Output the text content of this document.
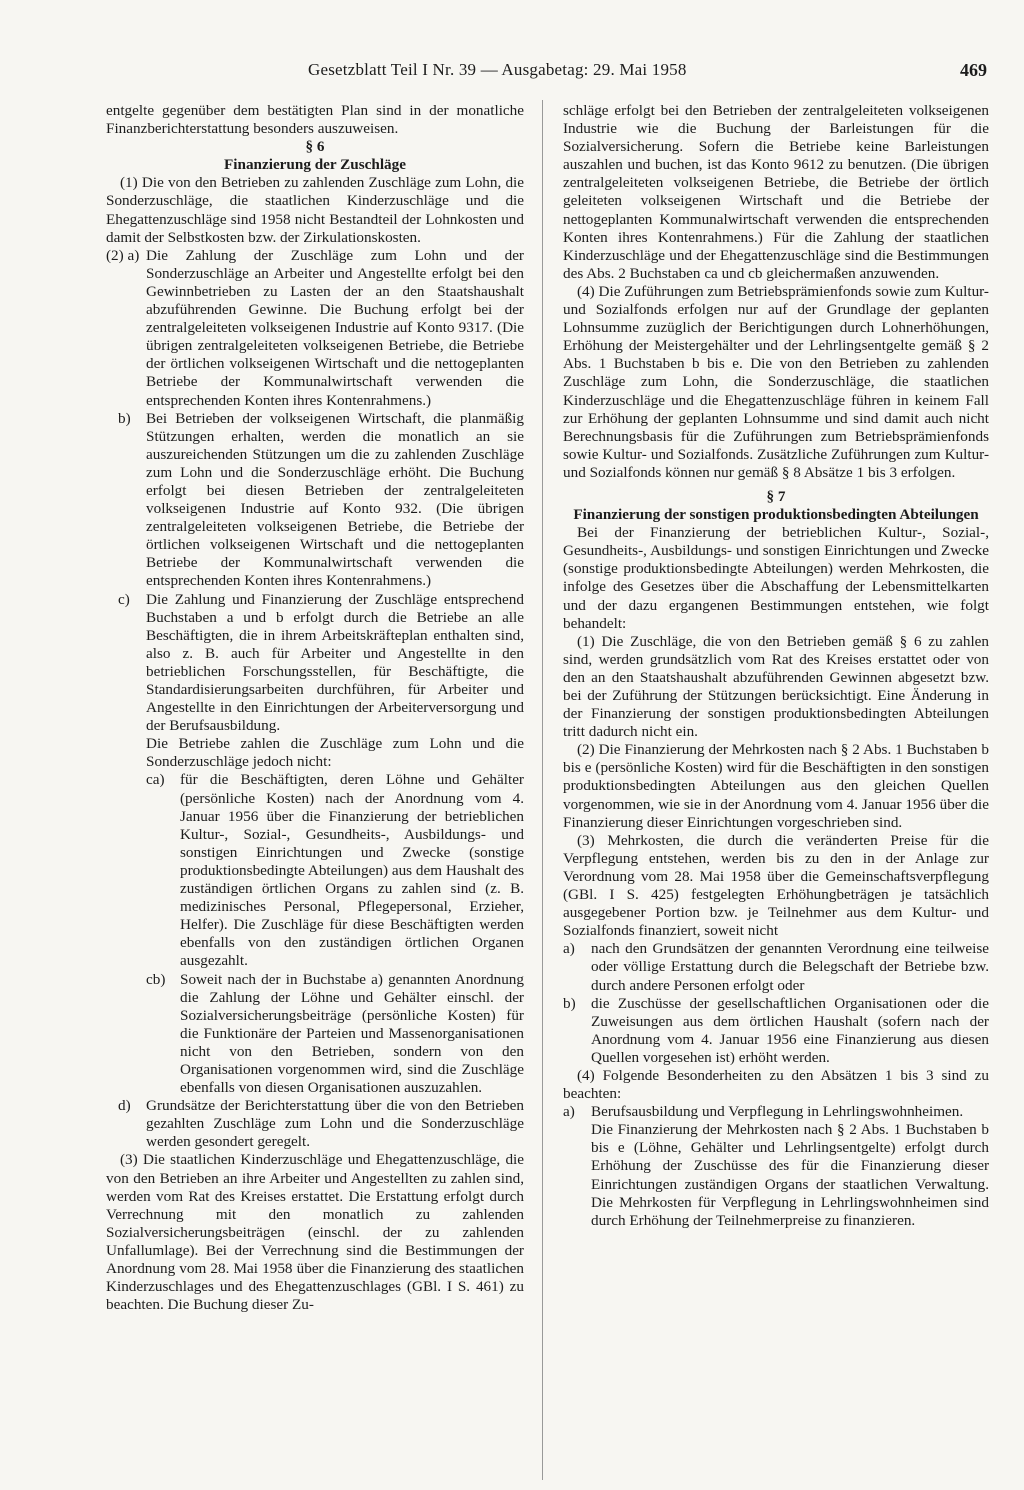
Gesetzblatt Teil I Nr. 39 — Ausgabetag: 29. Mai 1958	469

entgelte gegenüber dem bestätigten Plan sind in der monatliche Finanzberichterstattung besonders auszuweisen.

§ 6

Finanzierung der Zuschläge

(1) Die von den Betrieben zu zahlenden Zuschläge zum Lohn, die Sonderzuschläge, die staatlichen Kinderzuschläge und die Ehegattenzuschläge sind 1958 nicht Bestandteil der Lohnkosten und damit der Selbstkosten bzw. der Zirkulationskosten.

(2) a) Die Zahlung der Zuschläge zum Lohn und der Sonderzuschläge an Arbeiter und Angestellte erfolgt bei den Gewinnbetrieben zu Lasten der an den Staatshaushalt abzuführenden Gewinne. Die Buchung erfolgt bei der zentralgeleiteten volkseigenen Industrie auf Konto 9317. (Die übrigen zentralgeleiteten volkseigenen Betriebe, die Betriebe der örtlichen volkseigenen Wirtschaft und die nettogeplanten Betriebe der Kommunalwirtschaft verwenden die entsprechenden Konten ihres Kontenrahmens.)
b)	Bei Betrieben der volkseigenen Wirtschaft, die planmäßig Stützungen erhalten, werden die monatlich an sie auszureichenden Stützungen um die zu zahlenden Zuschläge zum Lohn und die Sonderzuschläge erhöht. Die Buchung erfolgt bei diesen Betrieben der zentralgeleiteten volkseigenen Industrie auf Konto 932. (Die übrigen zentralgeleiteten volkseigenen Betriebe, die Betriebe der örtlichen volkseigenen Wirtschaft und die nettogeplanten Betriebe der Kommunalwirtschaft verwenden die entsprechenden Konten ihres Kontenrahmens.)
c)	Die Zahlung und Finanzierung der Zuschläge entsprechend Buchstaben a und b erfolgt durch die Betriebe an alle Beschäftigten, die in ihrem Arbeitskräfteplan enthalten sind, also z. B. auch für Arbeiter und Angestellte in den betrieblichen Forschungsstellen, für Beschäftigte, die Standardisierungsarbeiten durchführen, für Arbeiter und Angestellte in den Einrichtungen der Arbeiterversorgung und der Berufsausbildung.

Die Betriebe zahlen die Zuschläge zum Lohn und die Sonderzuschläge jedoch nicht:

ca)	für die Beschäftigten, deren Löhne und Gehälter (persönliche Kosten) nach der Anordnung vom 4. Januar 1956 über die Finanzierung der betrieblichen Kultur-, Sozial-, Gesundheits-, Ausbildungs- und sonstigen Einrichtungen und Zwecke (sonstige produktionsbedingte Abteilungen) aus dem Haushalt des zuständigen örtlichen Organs zu zahlen sind (z. B. medizinisches Personal, Pflegepersonal, Erzieher, Helfer). Die Zuschläge für diese Beschäftigten werden ebenfalls von den zuständigen örtlichen Organen ausgezahlt.
cb) Soweit nach der in Buchstabe a) genannten Anordnung die Zahlung der Löhne und Gehälter einschl. der Sozialversicherungsbeiträge (persönliche Kosten) für die Funktionäre der Parteien und Massenorganisationen nicht von den Betrieben, sondern von den Organisationen vorgenommen wird, sind die Zuschläge ebenfalls von diesen Organisationen auszuzahlen.
d)	Grundsätze der Berichterstattung über die von den Betrieben gezahlten Zuschläge zum Lohn und die Sonderzuschläge werden gesondert geregelt.

(3) Die staatlichen Kinderzuschläge und Ehegattenzuschläge, die von den Betrieben an ihre Arbeiter und Angestellten zu zahlen sind, werden vom Rat des Kreises erstattet. Die Erstattung erfolgt durch Verrechnung mit den monatlich zu zahlenden Sozialversicherungsbeiträgen (einschl. der zu zahlenden Unfallumlage). Bei der Verrechnung sind die Bestimmungen der Anordnung vom 28. Mai 1958 über die Finanzierung des staatlichen Kinderzuschlages und des Ehegattenzuschlages (GBl. I S. 461) zu beachten. Die Buchung dieser Zu-

schläge erfolgt bei den Betrieben der zentralgeleiteten volkseigenen Industrie wie die Buchung der Barleistungen für die Sozialversicherung. Sofern die Betriebe keine Barleistungen auszahlen und buchen, ist das Konto 9612 zu benutzen. (Die übrigen zentralgeleiteten volkseigenen Betriebe, die Betriebe der örtlich geleiteten volkseigenen Wirtschaft und die Betriebe der nettogeplanten Kommunalwirtschaft verwenden die entsprechenden Konten ihres Kontenrahmens.) Für die Zahlung der staatlichen Kinderzuschläge und der Ehegattenzuschläge sind die Bestimmungen des Abs. 2 Buchstaben ca und cb gleichermaßen anzuwenden.

(4) Die Zuführungen zum Betriebsprämienfonds sowie zum Kultur- und Sozialfonds erfolgen nur auf der Grundlage der geplanten Lohnsumme zuzüglich der Berichtigungen durch Lohnerhöhungen, Erhöhung der Meistergehälter und der Lehrlingsentgelte gemäß § 2 Abs. 1 Buchstaben b bis e. Die von den Betrieben zu zahlenden Zuschläge zum Lohn, die Sonderzuschläge, die staatlichen Kinderzuschläge und die Ehegattenzuschläge führen in keinem Fall zur Erhöhung der geplanten Lohnsumme und sind damit auch nicht Berechnungsbasis für die Zuführungen zum Betriebsprämienfonds sowie Kultur- und Sozialfonds. Zusätzliche Zuführungen zum Kultur- und Sozialfonds können nur gemäß § 8 Absätze 1 bis 3 erfolgen.

§ 7

Finanzierung der sonstigen produktionsbedingten Abteilungen

Bei der Finanzierung der betrieblichen Kultur-, Sozial-, Gesundheits-, Ausbildungs- und sonstigen Einrichtungen und Zwecke (sonstige produktionsbedingte Abteilungen) werden Mehrkosten, die infolge des Gesetzes über die Abschaffung der Lebensmittelkarten und der dazu ergangenen Bestimmungen entstehen, wie folgt behandelt:

(1) Die Zuschläge, die von den Betrieben gemäß § 6 zu zahlen sind, werden grundsätzlich vom Rat des Kreises erstattet oder von den an den Staatshaushalt abzuführenden Gewinnen abgesetzt bzw. bei der Zuführung der Stützungen berücksichtigt. Eine Änderung in der Finanzierung der sonstigen produktionsbedingten Abteilungen tritt dadurch nicht ein.

(2) Die Finanzierung der Mehrkosten nach § 2 Abs. 1 Buchstaben b bis e (persönliche Kosten) wird für die Beschäftigten in den sonstigen produktionsbedingten Abteilungen aus den gleichen Quellen vorgenommen, wie sie in der Anordnung vom 4. Januar 1956 über die Finanzierung dieser Einrichtungen vorgeschrieben sind.

(3) Mehrkosten, die durch die veränderten Preise für die Verpflegung entstehen, werden bis zu den in der Anlage zur Verordnung vom 28. Mai 1958 über die Gemeinschaftsverpflegung (GBl. I S. 425) festgelegten Erhöhungbeträgen je tatsächlich ausgegebener Portion bzw. je Teilnehmer aus dem Kultur- und Sozialfonds finanziert, soweit nicht

a)	nach den Grundsätzen der genannten Verordnung eine teilweise oder völlige Erstattung durch die Belegschaft der Betriebe bzw. durch andere Personen erfolgt oder
b)	die Zuschüsse der gesellschaftlichen Organisationen oder die Zuweisungen aus dem örtlichen Haushalt (sofern nach der Anordnung vom 4. Januar 1956 eine Finanzierung aus diesen Quellen vorgesehen ist) erhöht werden.

(4) Folgende Besonderheiten zu den Absätzen 1 bis 3 sind zu beachten:

a)	Berufsausbildung und Verpflegung in Lehrlingswohnheimen.

Die Finanzierung der Mehrkosten nach § 2 Abs. 1 Buchstaben b bis e (Löhne, Gehälter und Lehrlingsentgelte) erfolgt durch Erhöhung der Zuschüsse des für die Finanzierung dieser Einrichtungen zuständigen Organs der staatlichen Verwaltung. Die Mehrkosten für Verpflegung in Lehrlingswohnheimen sind durch Erhöhung der Teilnehmerpreise zu finanzieren.
